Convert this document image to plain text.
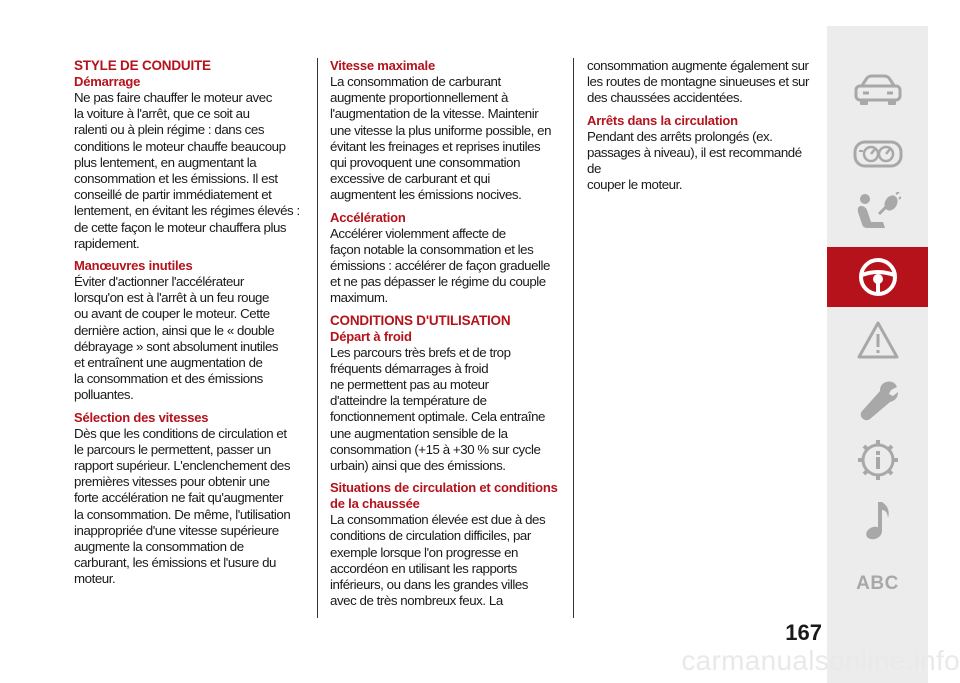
STYLE DE CONDUITE
Démarrage
Ne pas faire chauffer le moteur avec
la voiture à l'arrêt, que ce soit au
ralenti ou à plein régime : dans ces
conditions le moteur chauffe beaucoup
plus lentement, en augmentant la
consommation et les émissions. Il est
conseillé de partir immédiatement et
lentement, en évitant les régimes élevés :
de cette façon le moteur chauffera plus
rapidement.
Manœuvres inutiles
Éviter d'actionner l'accélérateur
lorsqu'on est à l'arrêt à un feu rouge
ou avant de couper le moteur. Cette
dernière action, ainsi que le « double
débrayage » sont absolument inutiles
et entraînent une augmentation de
la consommation et des émissions
polluantes.
Sélection des vitesses
Dès que les conditions de circulation et
le parcours le permettent, passer un
rapport supérieur. L'enclenchement des
premières vitesses pour obtenir une
forte accélération ne fait qu'augmenter
la consommation. De même, l'utilisation
inappropriée d'une vitesse supérieure
augmente la consommation de
carburant, les émissions et l'usure du
moteur.
Vitesse maximale
La consommation de carburant
augmente proportionnellement à
l'augmentation de la vitesse. Maintenir
une vitesse la plus uniforme possible, en
évitant les freinages et reprises inutiles
qui provoquent une consommation
excessive de carburant et qui
augmentent les émissions nocives.
Accélération
Accélérer violemment affecte de
façon notable la consommation et les
émissions : accélérer de façon graduelle
et ne pas dépasser le régime du couple
maximum.
CONDITIONS D'UTILISATION
Départ à froid
Les parcours très brefs et de trop
fréquents démarrages à froid
ne permettent pas au moteur
d'atteindre la température de
fonctionnement optimale. Cela entraîne
une augmentation sensible de la
consommation (+15 à +30 % sur cycle
urbain) ainsi que des émissions.
Situations de circulation et conditions
de la chaussée
La consommation élevée est due à des
conditions de circulation difficiles, par
exemple lorsque l'on progresse en
accordéon en utilisant les rapports
inférieurs, ou dans les grandes villes
avec de très nombreux feux. La
consommation augmente également sur
les routes de montagne sinueuses et sur
des chaussées accidentées.
Arrêts dans la circulation
Pendant des arrêts prolongés (ex.
passages à niveau), il est recommandé de
couper le moteur.
ABC
167
carmanualsonline.info
